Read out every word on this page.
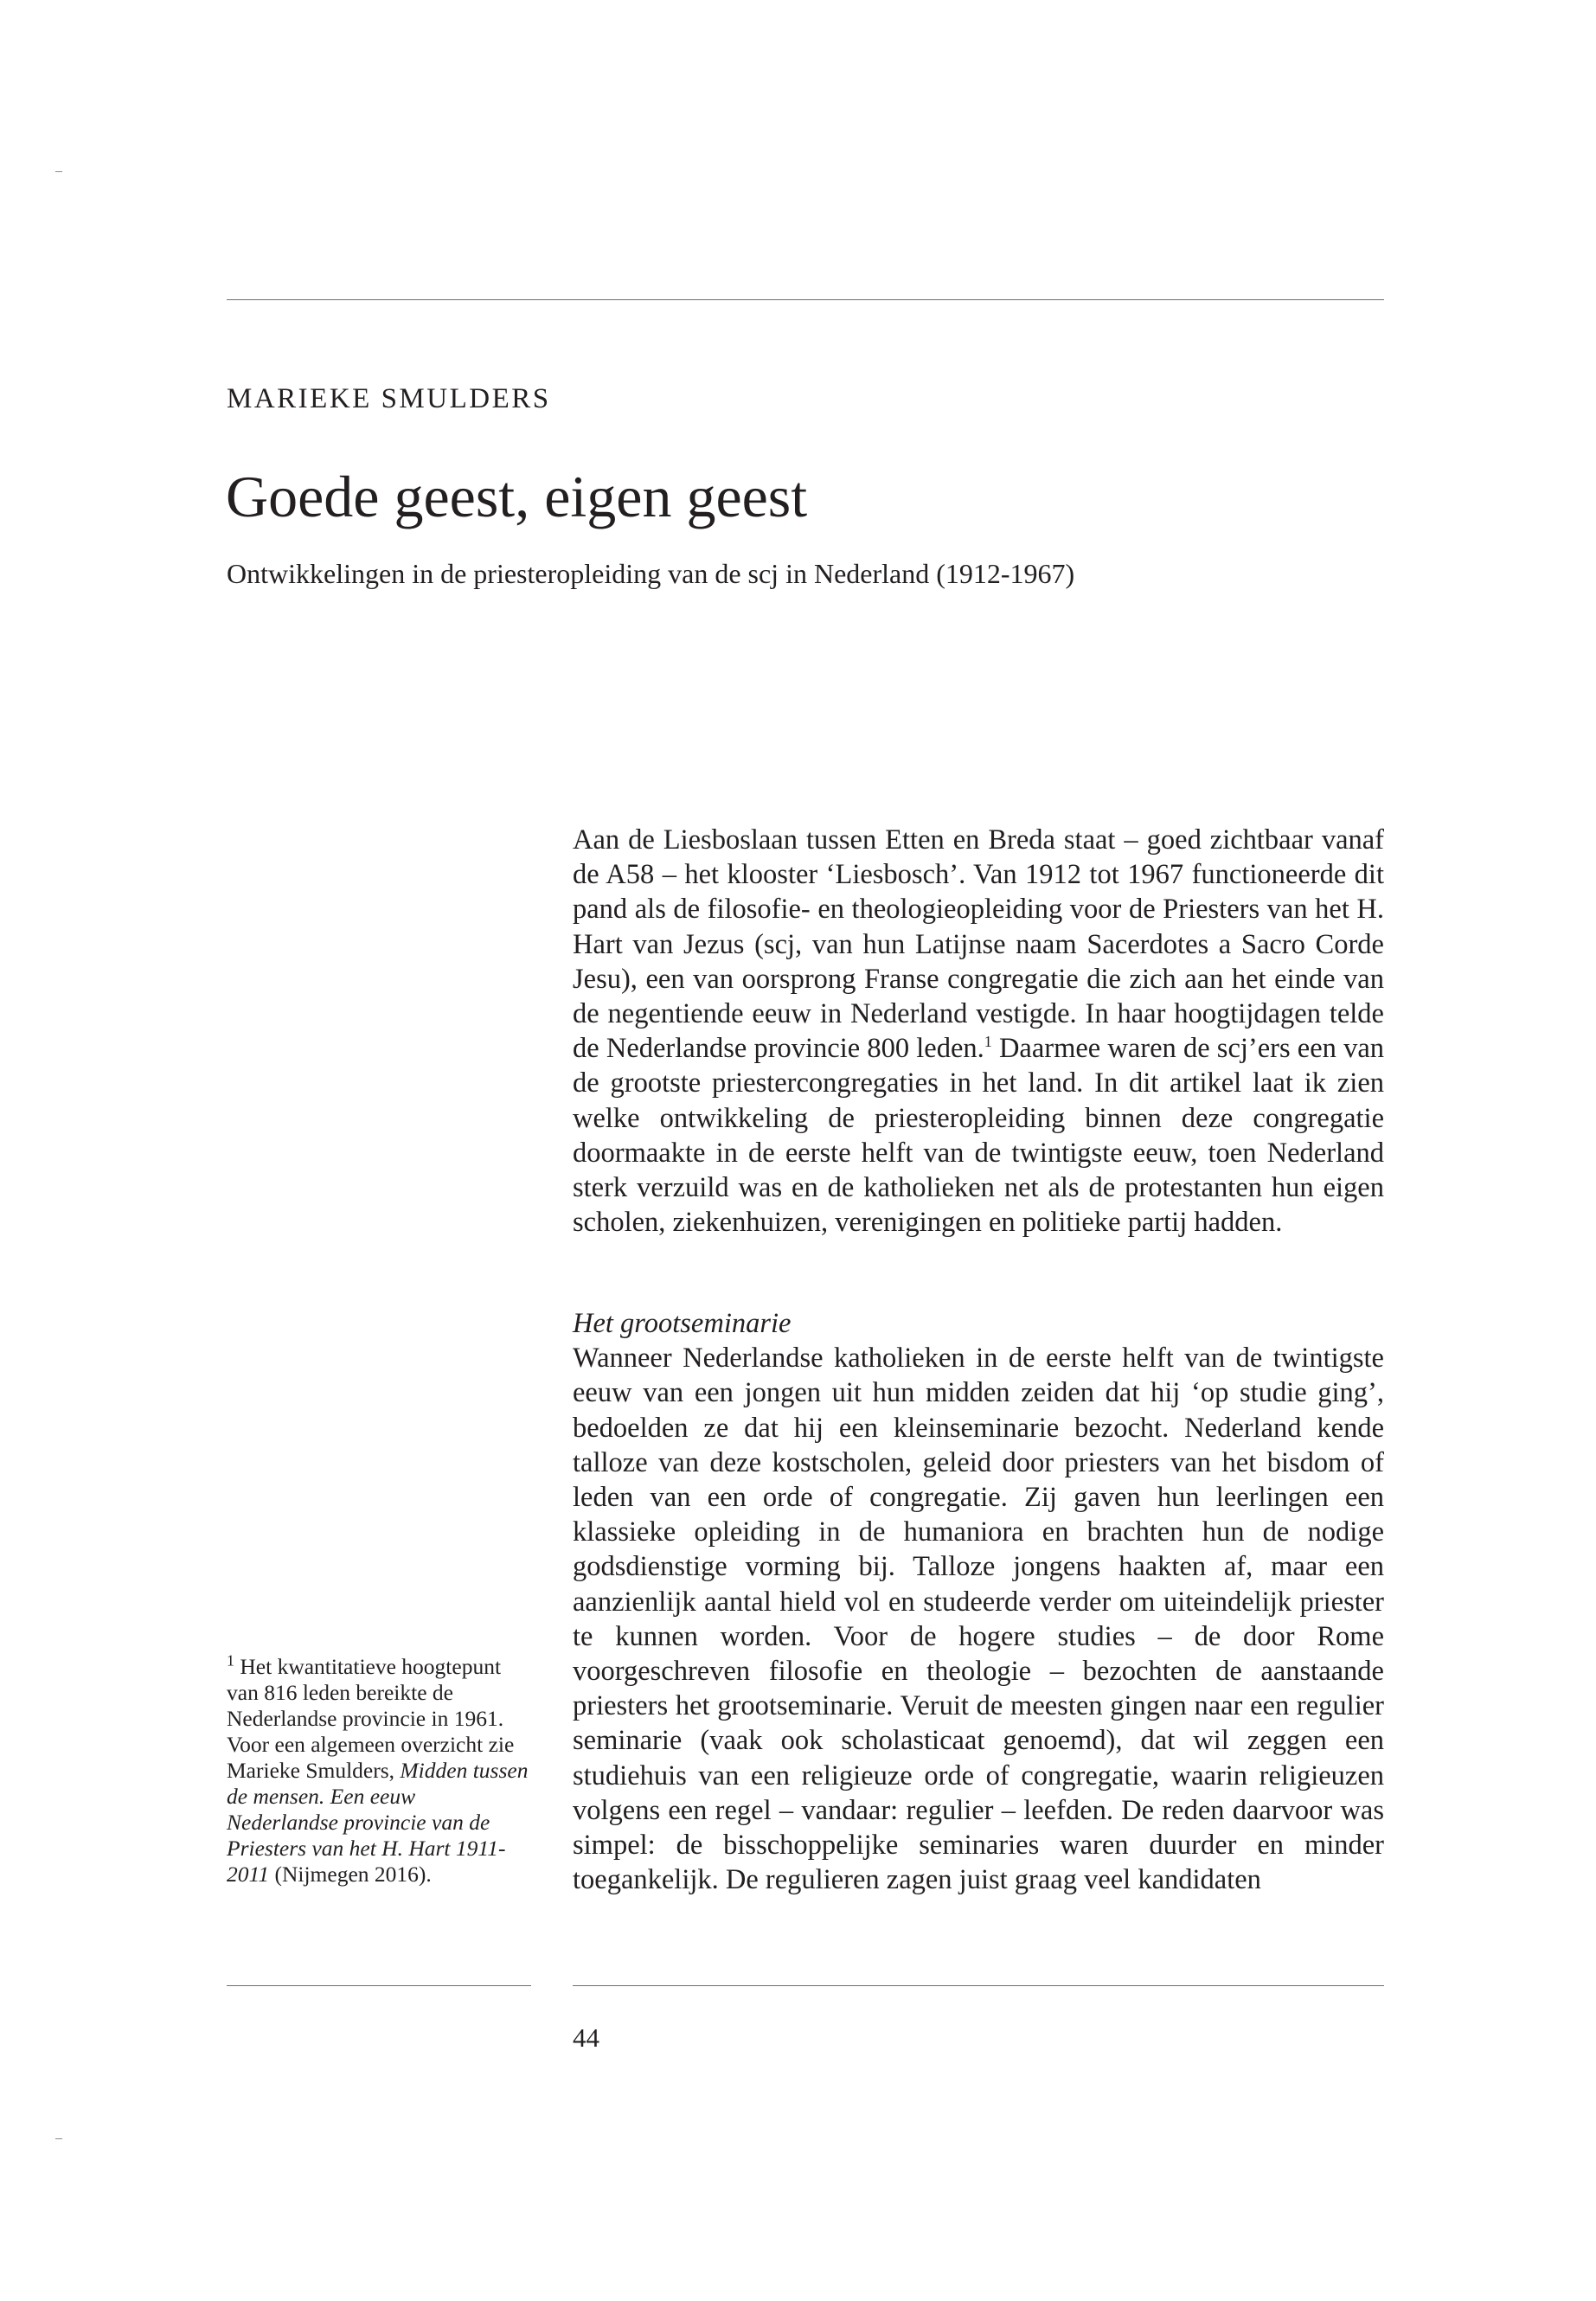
MARIEKE SMULDERS
Goede geest, eigen geest
Ontwikkelingen in de priesteropleiding van de scj in Nederland (1912-1967)
Aan de Liesboslaan tussen Etten en Breda staat – goed zichtbaar vanaf de A58 – het klooster ‘Liesbosch’. Van 1912 tot 1967 functioneerde dit pand als de filosofie- en theologieopleiding voor de Priesters van het H. Hart van Jezus (scj, van hun Latijnse naam Sacerdotes a Sacro Corde Jesu), een van oorsprong Franse congregatie die zich aan het einde van de negentiende eeuw in Nederland vestigde. In haar hoogtijdagen telde de Nederlandse provincie 800 leden.$^1$ Daarmee waren de scj’ers een van de grootste priestercongregaties in het land. In dit artikel laat ik zien welke ontwikkeling de priesteropleiding binnen deze congregatie doormaakte in de eerste helft van de twintigste eeuw, toen Nederland sterk verzuild was en de katholieken net als de protestanten hun eigen scholen, ziekenhuizen, verenigingen en politieke partij hadden.
Het grootseminarie
Wanneer Nederlandse katholieken in de eerste helft van de twintigste eeuw van een jongen uit hun midden zeiden dat hij ‘op studie ging’, bedoelden ze dat hij een kleinseminarie bezocht. Nederland kende talloze van deze kostscholen, geleid door priesters van het bisdom of leden van een orde of congregatie. Zij gaven hun leerlingen een klassieke opleiding in de humaniora en brachten hun de nodige godsdienstige vorming bij. Talloze jongens haakten af, maar een aanzienlijk aantal hield vol en studeerde verder om uiteindelijk priester te kunnen worden. Voor de hogere studies – de door Rome voorgeschreven filosofie en theologie – bezochten de aanstaande priesters het grootseminarie. Veruit de meesten gingen naar een regulier seminarie (vaak ook scholasticaat genoemd), dat wil zeggen een studiehuis van een religieuze orde of congregatie, waarin religieuzen volgens een regel – vandaar: regulier – leefden. De reden daarvoor was simpel: de bisschoppelijke seminaries waren duurder en minder toegankelijk. De regulieren zagen juist graag veel kandidaten
$^1$ Het kwantitatieve hoogtepunt van 816 leden bereikte de Nederlandse provincie in 1961. Voor een algemeen overzicht zie Marieke Smulders, Midden tussen de mensen. Een eeuw Nederlandse provincie van de Priesters van het H. Hart 1911-2011 (Nijmegen 2016).
44
